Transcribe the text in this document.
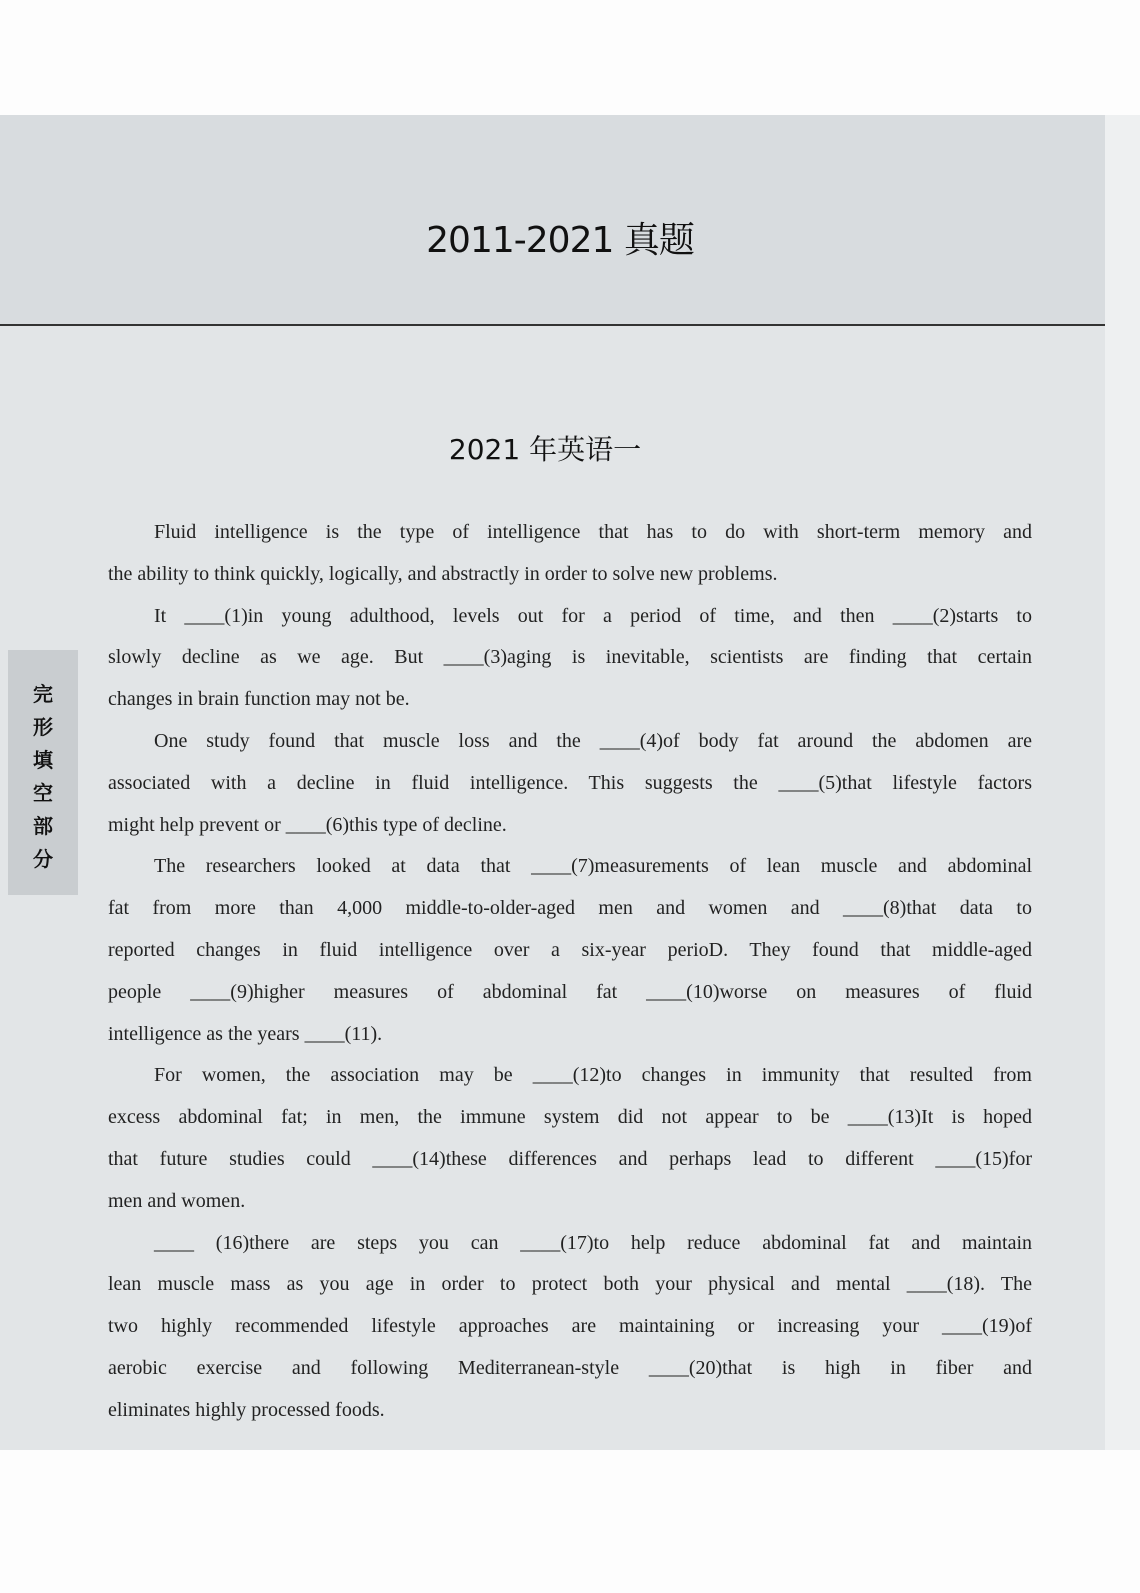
2011-2021 真题
2021 年英语一
完
形
填
空
部
分
Fluid intelligence is the type of intelligence that has to do with short-term memory and
the ability to think quickly, logically, and abstractly in order to solve new problems.
It ____(1)in young adulthood, levels out for a period of time, and then ____(2)starts to
slowly decline as we age. But ____(3)aging is inevitable, scientists are finding that certain
changes in brain function may not be.
One study found that muscle loss and the ____(4)of body fat around the abdomen are
associated with a decline in fluid intelligence. This suggests the ____(5)that lifestyle factors
might help prevent or ____(6)this type of decline.
The researchers looked at data that ____(7)measurements of lean muscle and abdominal
fat from more than 4,000 middle-to-older-aged men and women and ____(8)that data to
reported changes in fluid intelligence over a six-year perioD. They found that middle-aged
people ____(9)higher measures of abdominal fat ____(10)worse on measures of fluid
intelligence as the years ____(11).
For women, the association may be ____(12)to changes in immunity that resulted from
excess abdominal fat; in men, the immune system did not appear to be ____(13)It is hoped
that future studies could ____(14)these differences and perhaps lead to different ____(15)for
men and women.
____ (16)there are steps you can ____(17)to help reduce abdominal fat and maintain
lean muscle mass as you age in order to protect both your physical and mental ____(18). The
two highly recommended lifestyle approaches are maintaining or increasing your ____(19)of
aerobic exercise and following Mediterranean-style ____(20)that is high in fiber and
eliminates highly processed foods.
